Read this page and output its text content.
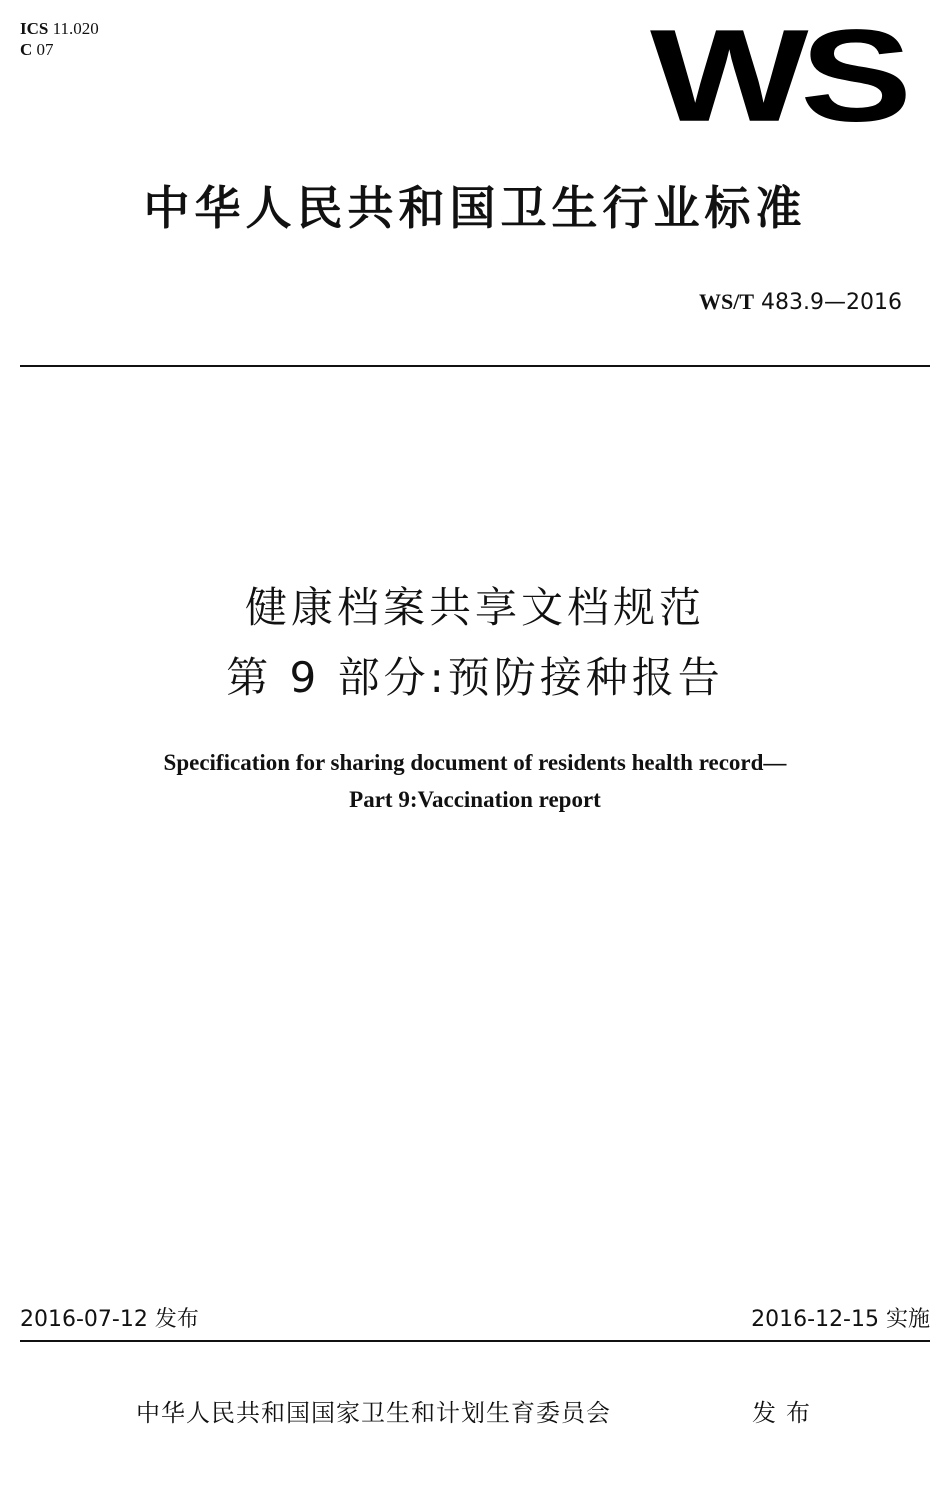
ICS 11.020
C 07	WS
中华人民共和国卫生行业标准
WS/T 483.9—2016
健康档案共享文档规范
第 9 部分:预防接种报告
Specification for sharing document of residents health record—
Part 9:Vaccination report
2016-07-12 发布	2016-12-15 实施
中华人民共和国国家卫生和计划生育委员会	发布
